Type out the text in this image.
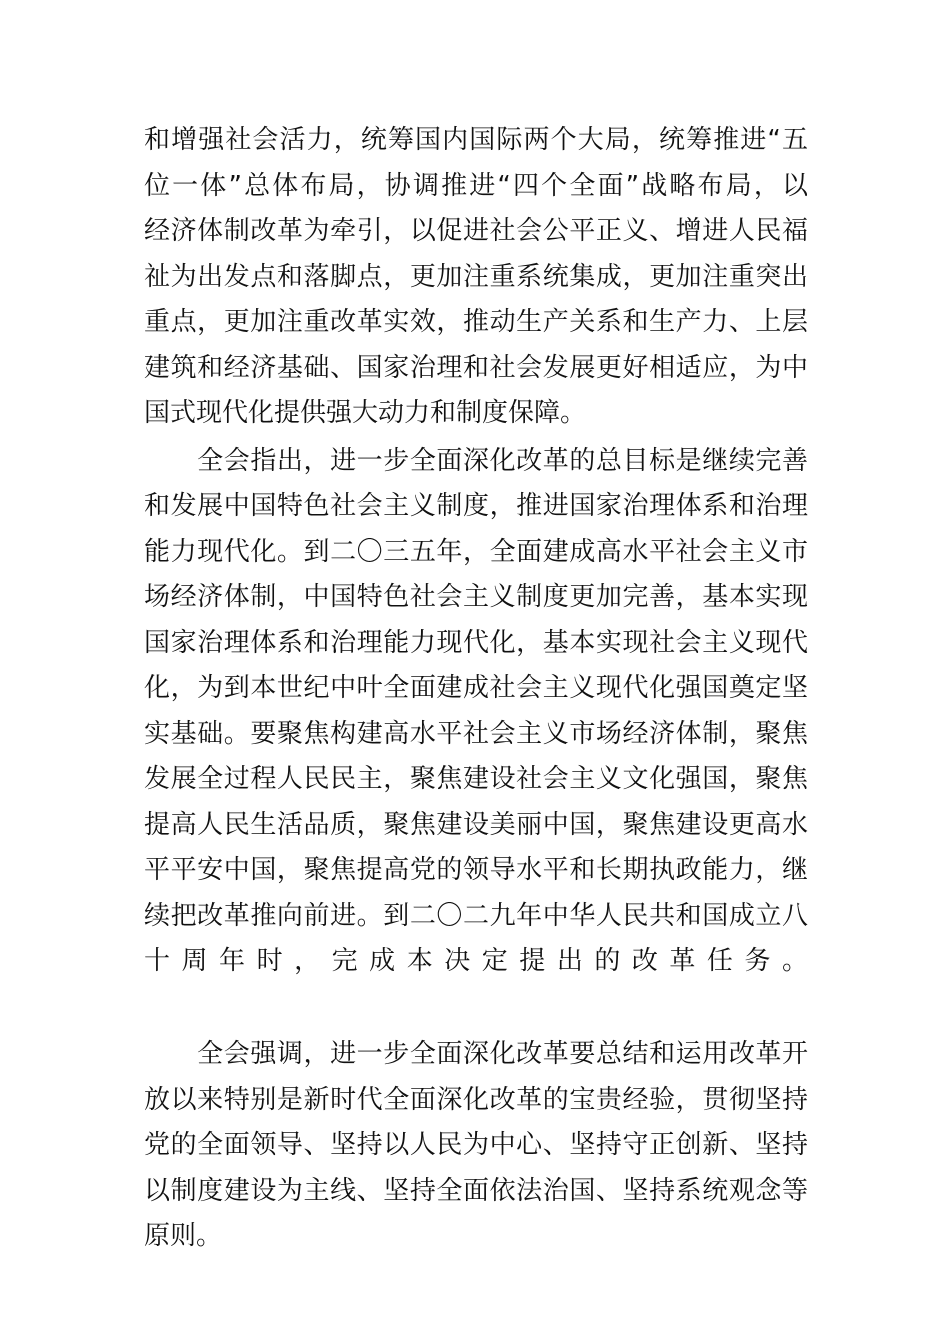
和增强社会活力，统筹国内国际两个大局，统筹推进“五
位一体”总体布局，协调推进“四个全面”战略布局，以
经济体制改革为牵引，以促进社会公平正义、增进人民福
祉为出发点和落脚点，更加注重系统集成，更加注重突出
重点，更加注重改革实效，推动生产关系和生产力、上层
建筑和经济基础、国家治理和社会发展更好相适应，为中
国式现代化提供强大动力和制度保障。
　　全会指出，进一步全面深化改革的总目标是继续完善
和发展中国特色社会主义制度，推进国家治理体系和治理
能力现代化。到二〇三五年，全面建成高水平社会主义市
场经济体制，中国特色社会主义制度更加完善，基本实现
国家治理体系和治理能力现代化，基本实现社会主义现代
化，为到本世纪中叶全面建成社会主义现代化强国奠定坚
实基础。要聚焦构建高水平社会主义市场经济体制，聚焦
发展全过程人民民主，聚焦建设社会主义文化强国，聚焦
提高人民生活品质，聚焦建设美丽中国，聚焦建设更高水
平平安中国，聚焦提高党的领导水平和长期执政能力，继
续把改革推向前进。到二〇二九年中华人民共和国成立八
十周年时，完成本决定提出的改革任务。
　　全会强调，进一步全面深化改革要总结和运用改革开
放以来特别是新时代全面深化改革的宝贵经验，贯彻坚持
党的全面领导、坚持以人民为中心、坚持守正创新、坚持
以制度建设为主线、坚持全面依法治国、坚持系统观念等
原则。
